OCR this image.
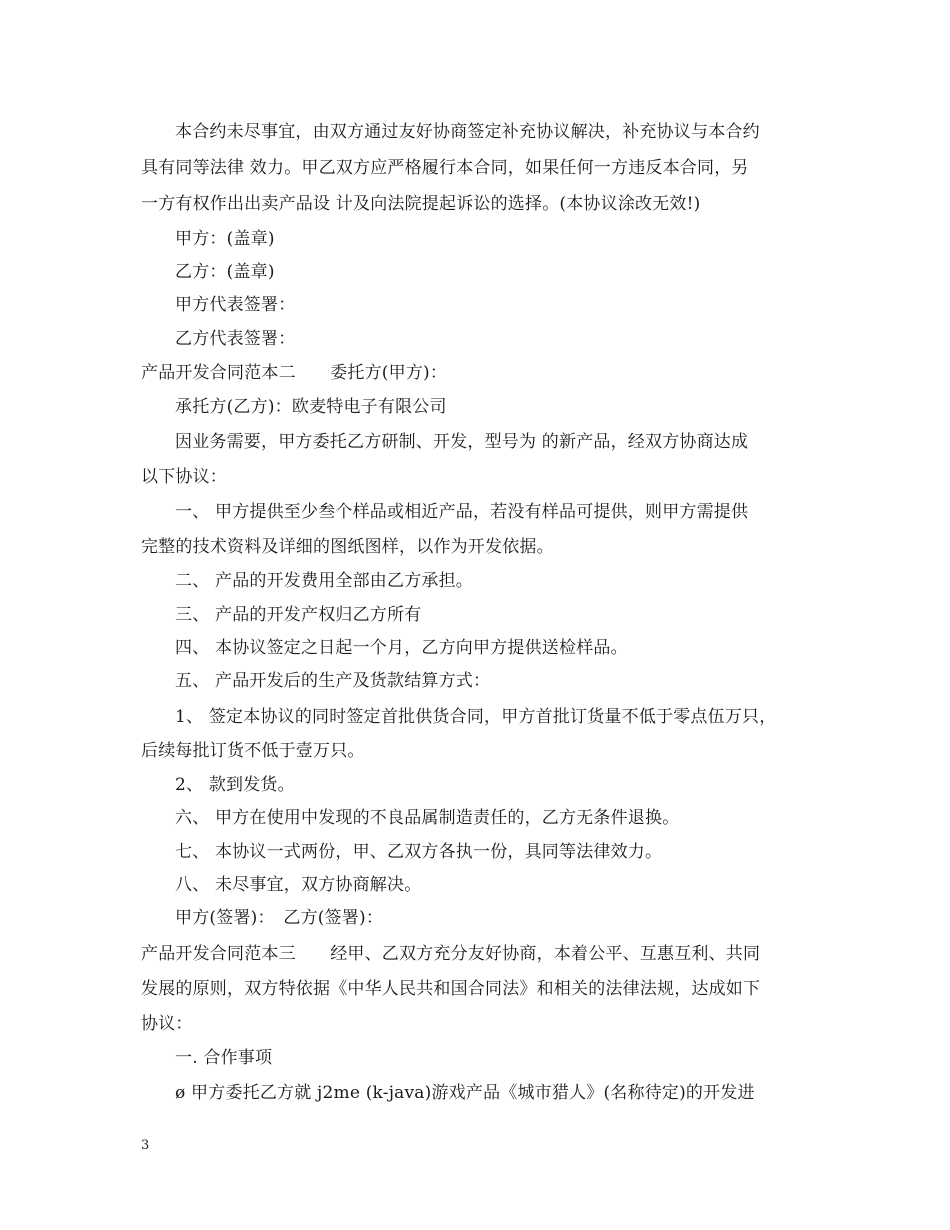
本合约未尽事宜，由双方通过友好协商签定补充协议解决，补充协议与本合约
具有同等法律 效力。甲乙双方应严格履行本合同，如果任何一方违反本合同，另
一方有权作出出卖产品设 计及向法院提起诉讼的选择。(本协议涂改无效!)
甲方：(盖章)
乙方：(盖章)
甲方代表签署：
乙方代表签署：
产品开发合同范本二　　委托方(甲方)：
承托方(乙方)：欧麦特电子有限公司
因业务需要，甲方委托乙方研制、开发，型号为 的新产品，经双方协商达成
以下协议：
一、 甲方提供至少叁个样品或相近产品，若没有样品可提供，则甲方需提供
完整的技术资料及详细的图纸图样，以作为开发依据。
二、 产品的开发费用全部由乙方承担。
三、 产品的开发产权归乙方所有
四、 本协议签定之日起一个月，乙方向甲方提供送检样品。
五、 产品开发后的生产及货款结算方式：
1、 签定本协议的同时签定首批供货合同，甲方首批订货量不低于零点伍万只，
后续每批订货不低于壹万只。
2、 款到发货。
六、 甲方在使用中发现的不良品属制造责任的，乙方无条件退换。
七、 本协议一式两份，甲、乙双方各执一份，具同等法律效力。
八、 未尽事宜，双方协商解决。
甲方(签署)：　乙方(签署)：
产品开发合同范本三　　经甲、乙双方充分友好协商，本着公平、互惠互利、共同
发展的原则，双方特依据《中华人民共和国合同法》和相关的法律法规，达成如下
协议：
一. 合作事项
ø 甲方委托乙方就 j2me (k-java)游戏产品《城市猎人》(名称待定)的开发进
3
